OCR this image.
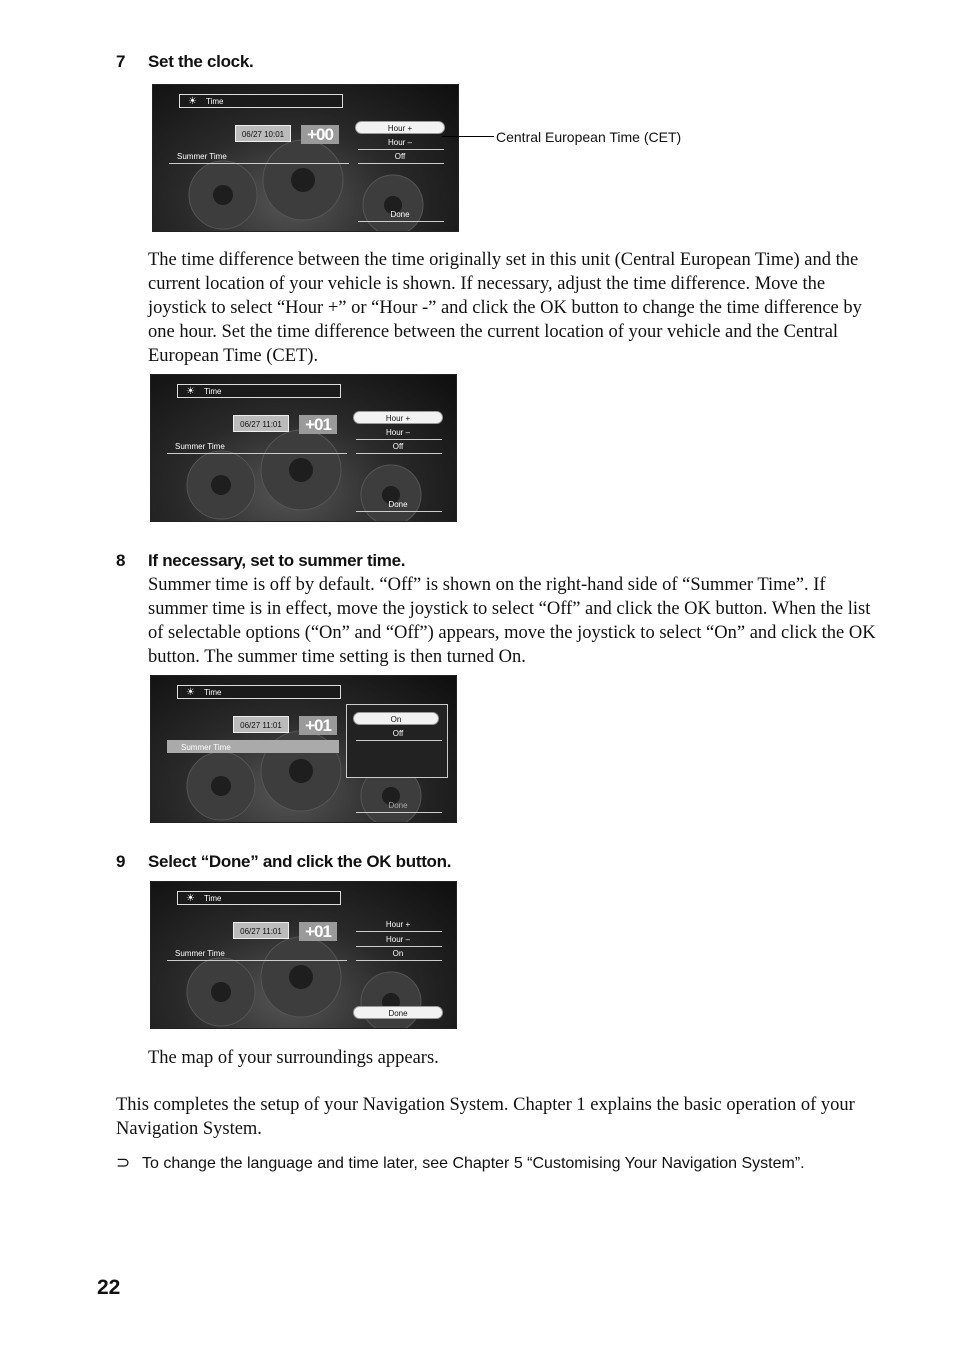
7 Set the clock.
☀ Time
06/27 10:01	+00
Summer Time
Hour +
Hour –
Off
Done
Central European Time (CET)

The time difference between the time originally set in this unit (Central European Time) and the current location of your vehicle is shown. If necessary, adjust the time difference. Move the joystick to select “Hour +” or “Hour -” and click the OK button to change the time difference by one hour. Set the time difference between the current location of your vehicle and the Central European Time (CET).

☀ Time
06/27 11:01	+01
Summer Time
Hour +
Hour –
Off
Done
8 If necessary, set to summer time.

Summer time is off by default. “Off” is shown on the right-hand side of “Summer Time”. If summer time is in effect, move the joystick to select “Off” and click the OK button. When the list of selectable options (“On” and “Off”) appears, move the joystick to select “On” and click the OK button. The summer time setting is then turned On.

☀ Time
06/27 11:01	+01
Summer Time
On
Off
Done
9 Select “Done” and click the OK button.
☀ Time
06/27 11:01	+01
Summer Time
Hour +
Hour –
On
Done

The map of your surroundings appears.

This completes the setup of your Navigation System. Chapter 1 explains the basic operation of your Navigation System.

⊃ To change the language and time later, see Chapter 5 “Customising Your Navigation System”.
22
